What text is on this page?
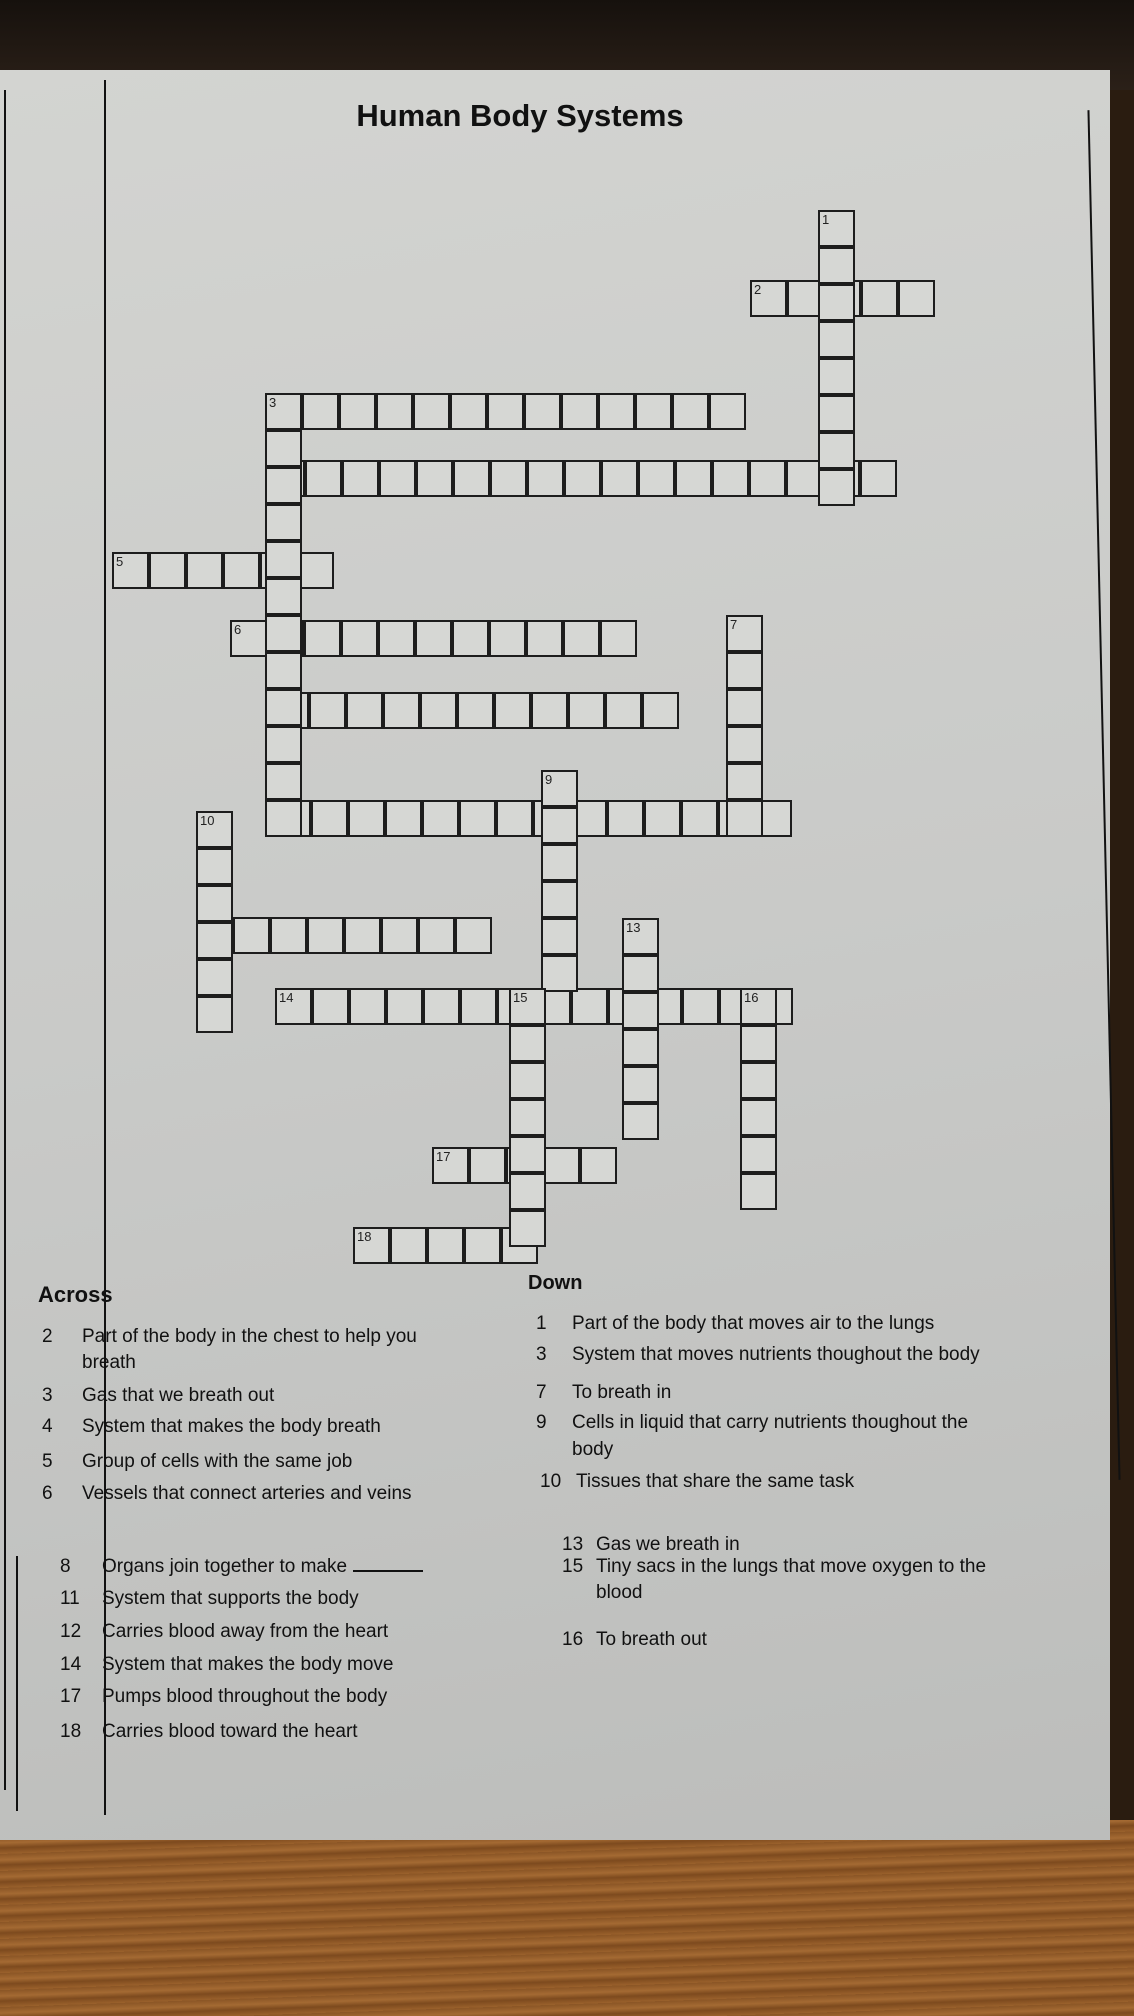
Human Body Systems
2
3
5
6
14
17
18
1
7
9
10
13
15	16
Across	Down
2 Part of the body in the chest to help you
breath
3 Gas that we breath out
4 System that makes the body breath
5 Group of cells with the same job
6 Vessels that connect arteries and veins
8 Organs join together to make
11 System that supports the body
12 Carries blood away from the heart
14 System that makes the body move
17 Pumps blood throughout the body
18 Carries blood toward the heart
1 Part of the body that moves air to the lungs
3 System that moves nutrients thoughout the body
7 To breath in
9 Cells in liquid that carry nutrients thoughout the
body
10 Tissues that share the same task
13 Gas we breath in
15 Tiny sacs in the lungs that move oxygen to the
blood
16 To breath out
